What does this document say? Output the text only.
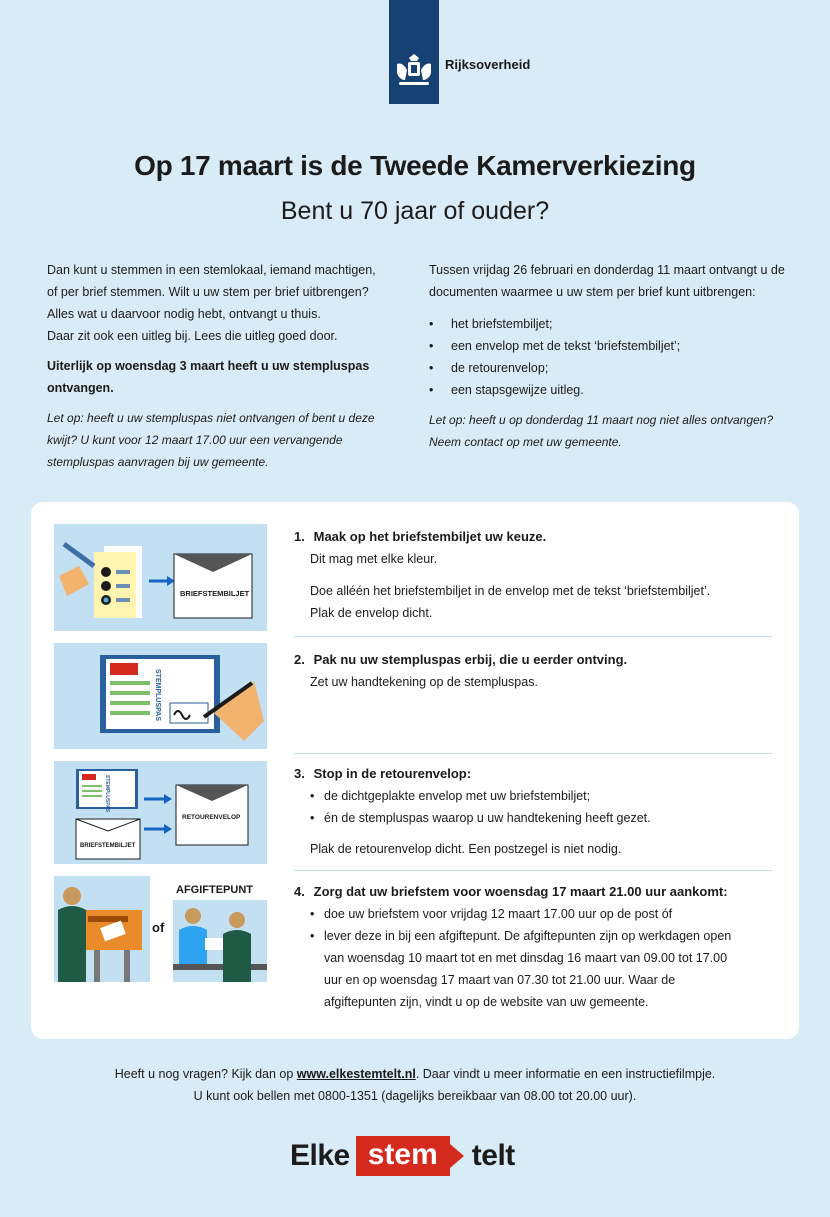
Rijksoverheid
Op 17 maart is de Tweede Kamerverkiezing
Bent u 70 jaar of ouder?

Dan kunt u stemmen in een stemlokaal, iemand machtigen,

of per brief stemmen. Wilt u uw stem per brief uitbrengen?

Alles wat u daarvoor nodig hebt, ontvangt u thuis.

Daar zit ook een uitleg bij. Lees die uitleg goed door.

Uiterlijk op woensdag 3 maart heeft u uw stempluspas ontvangen.

Let op: heeft u uw stempluspas niet ontvangen of bent u deze kwijt? U kunt voor 12 maart 17.00 uur een vervangende stempluspas aanvragen bij uw gemeente.

Tussen vrijdag 26 februari en donderdag 11 maart ontvangt u de documenten waarmee u uw stem per brief kunt uitbrengen:

• het briefstembiljet;
• een envelop met de tekst ‘briefstembiljet’;
• de retourenvelop;
• een stapsgewijze uitleg.

Let op: heeft u op donderdag 11 maart nog niet alles ontvangen? Neem contact op met uw gemeente.

BRIEFSTEMBILJET
STEMPLUSPAS
STEMPLUSPAS
BRIEFSTEMBILJET
RETOURENVELOP
of
AFGIFTEPUNT
1. Maak op het briefstembiljet uw keuze.
Dit mag met elke kleur.
Doe alléén het briefstembiljet in de envelop met de tekst ‘briefstembiljet’. Plak de envelop dicht.
2. Pak nu uw stempluspas erbij, die u eerder ontving.
Zet uw handtekening op de stempluspas.
3. Stop in de retourenvelop:
• de dichtgeplakte envelop met uw briefstembiljet;
• én de stempluspas waarop u uw handtekening heeft gezet.
Plak de retourenvelop dicht. Een postzegel is niet nodig.
4. Zorg dat uw briefstem voor woensdag 17 maart 21.00 uur aankomt:
• doe uw briefstem voor vrijdag 12 maart 17.00 uur op de post óf
• lever deze in bij een afgiftepunt. De afgiftepunten zijn op werkdagen open van woensdag 10 maart tot en met dinsdag 16 maart van 09.00 tot 17.00 uur en op woensdag 17 maart van 07.30 tot 21.00 uur. Waar de afgiftepunten zijn, vindt u op de website van uw gemeente.
Heeft u nog vragen? Kijk dan op www.elkestemtelt.nl. Daar vindt u meer informatie en een instructiefilmpje.
U kunt ook bellen met 0800-1351 (dagelijks bereikbaar van 08.00 tot 20.00 uur).
Elke stem	telt
